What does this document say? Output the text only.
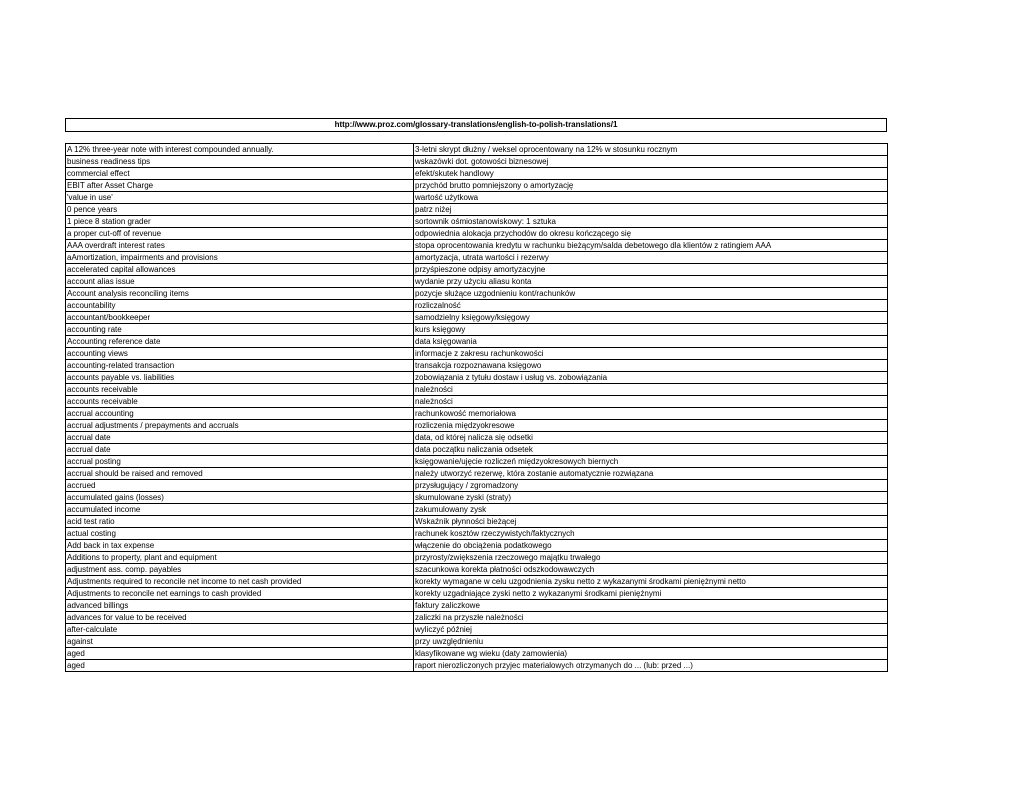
http://www.proz.com/glossary-translations/english-to-polish-translations/1
A 12% three-year note with interest compounded annually.	3-letni skrypt dłużny / weksel oprocentowany na 12% w stosunku rocznym
business readiness tips	wskazówki dot. gotowości biznesowej
commercial effect	efekt/skutek handlowy
EBIT after Asset Charge	przychód brutto pomniejszony o amortyzację
'value in use'	wartość użytkowa
0 pence years	patrz niżej
1 piece 8 station grader	sortownik ośmiostanowiskowy: 1 sztuka
a proper cut-off of revenue	odpowiednia alokacja przychodów do okresu kończącego się
AAA overdraft interest rates	stopa oprocentowania kredytu w rachunku bieżącym/salda debetowego dla klientów z ratingiem AAA
aAmortization, impairments and provisions	amortyzacja, utrata wartości i rezerwy
accelerated capital allowances	przyśpieszone odpisy amortyzacyjne
account alias issue	wydanie przy użyciu aliasu konta
Account analysis reconciling items	pozycje służące uzgodnieniu kont/rachunków
accountability	rozliczalność
accountant/bookkeeper	samodzielny księgowy/księgowy
accounting rate	kurs księgowy
Accounting reference date	data księgowania
accounting views	informacje z zakresu rachunkowości
accounting-related transaction	transakcja rozpoznawana księgowo
accounts payable vs. liabilities	zobowiązania z tytułu dostaw i usług vs. zobowiązania
accounts receivable	należności
accounts receivable	należności
accrual accounting	rachunkowość memoriałowa
accrual adjustments / prepayments and accruals	rozliczenia międzyokresowe
accrual date	data, od której nalicza się odsetki
accrual date	data początku naliczania odsetek
accrual posting	księgowanie/ujęcie rozliczeń międzyokresowych biernych
accrual should be raised and removed	należy utworzyć rezerwę, która zostanie automatycznie rozwiązana
accrued	przysługujący / zgromadzony
accumulated gains (losses)	skumulowane zyski (straty)
accumulated income	zakumulowany zysk
acid test ratio	Wskaźnik płynności bieżącej
actual costing	rachunek kosztów rzeczywistych/faktycznych
Add back in tax expense	włączenie do obciążenia podatkowego
Additions to property, plant and equipment	przyrosty/zwiększenia rzeczowego majątku trwałego
adjustment ass. comp. payables	szacunkowa korekta płatności odszkodowawczych
Adjustments required to reconcile net income to net cash provided	korekty wymagane w celu uzgodnienia zysku netto z wykazanymi środkami pieniężnymi netto
Adjustments to reconcile net earnings to cash provided	korekty uzgadniające zyski netto z wykazanymi środkami pieniężnymi
advanced billings	faktury zaliczkowe
advances for value to be received	zaliczki na przyszłe należności
after-calculate	wyliczyć później
against	przy uwzględnieniu
aged	klasyfikowane wg wieku (daty zamowienia)
aged	raport nierozliczonych przyjec materialowych otrzymanych do ... (lub: przed ...)
